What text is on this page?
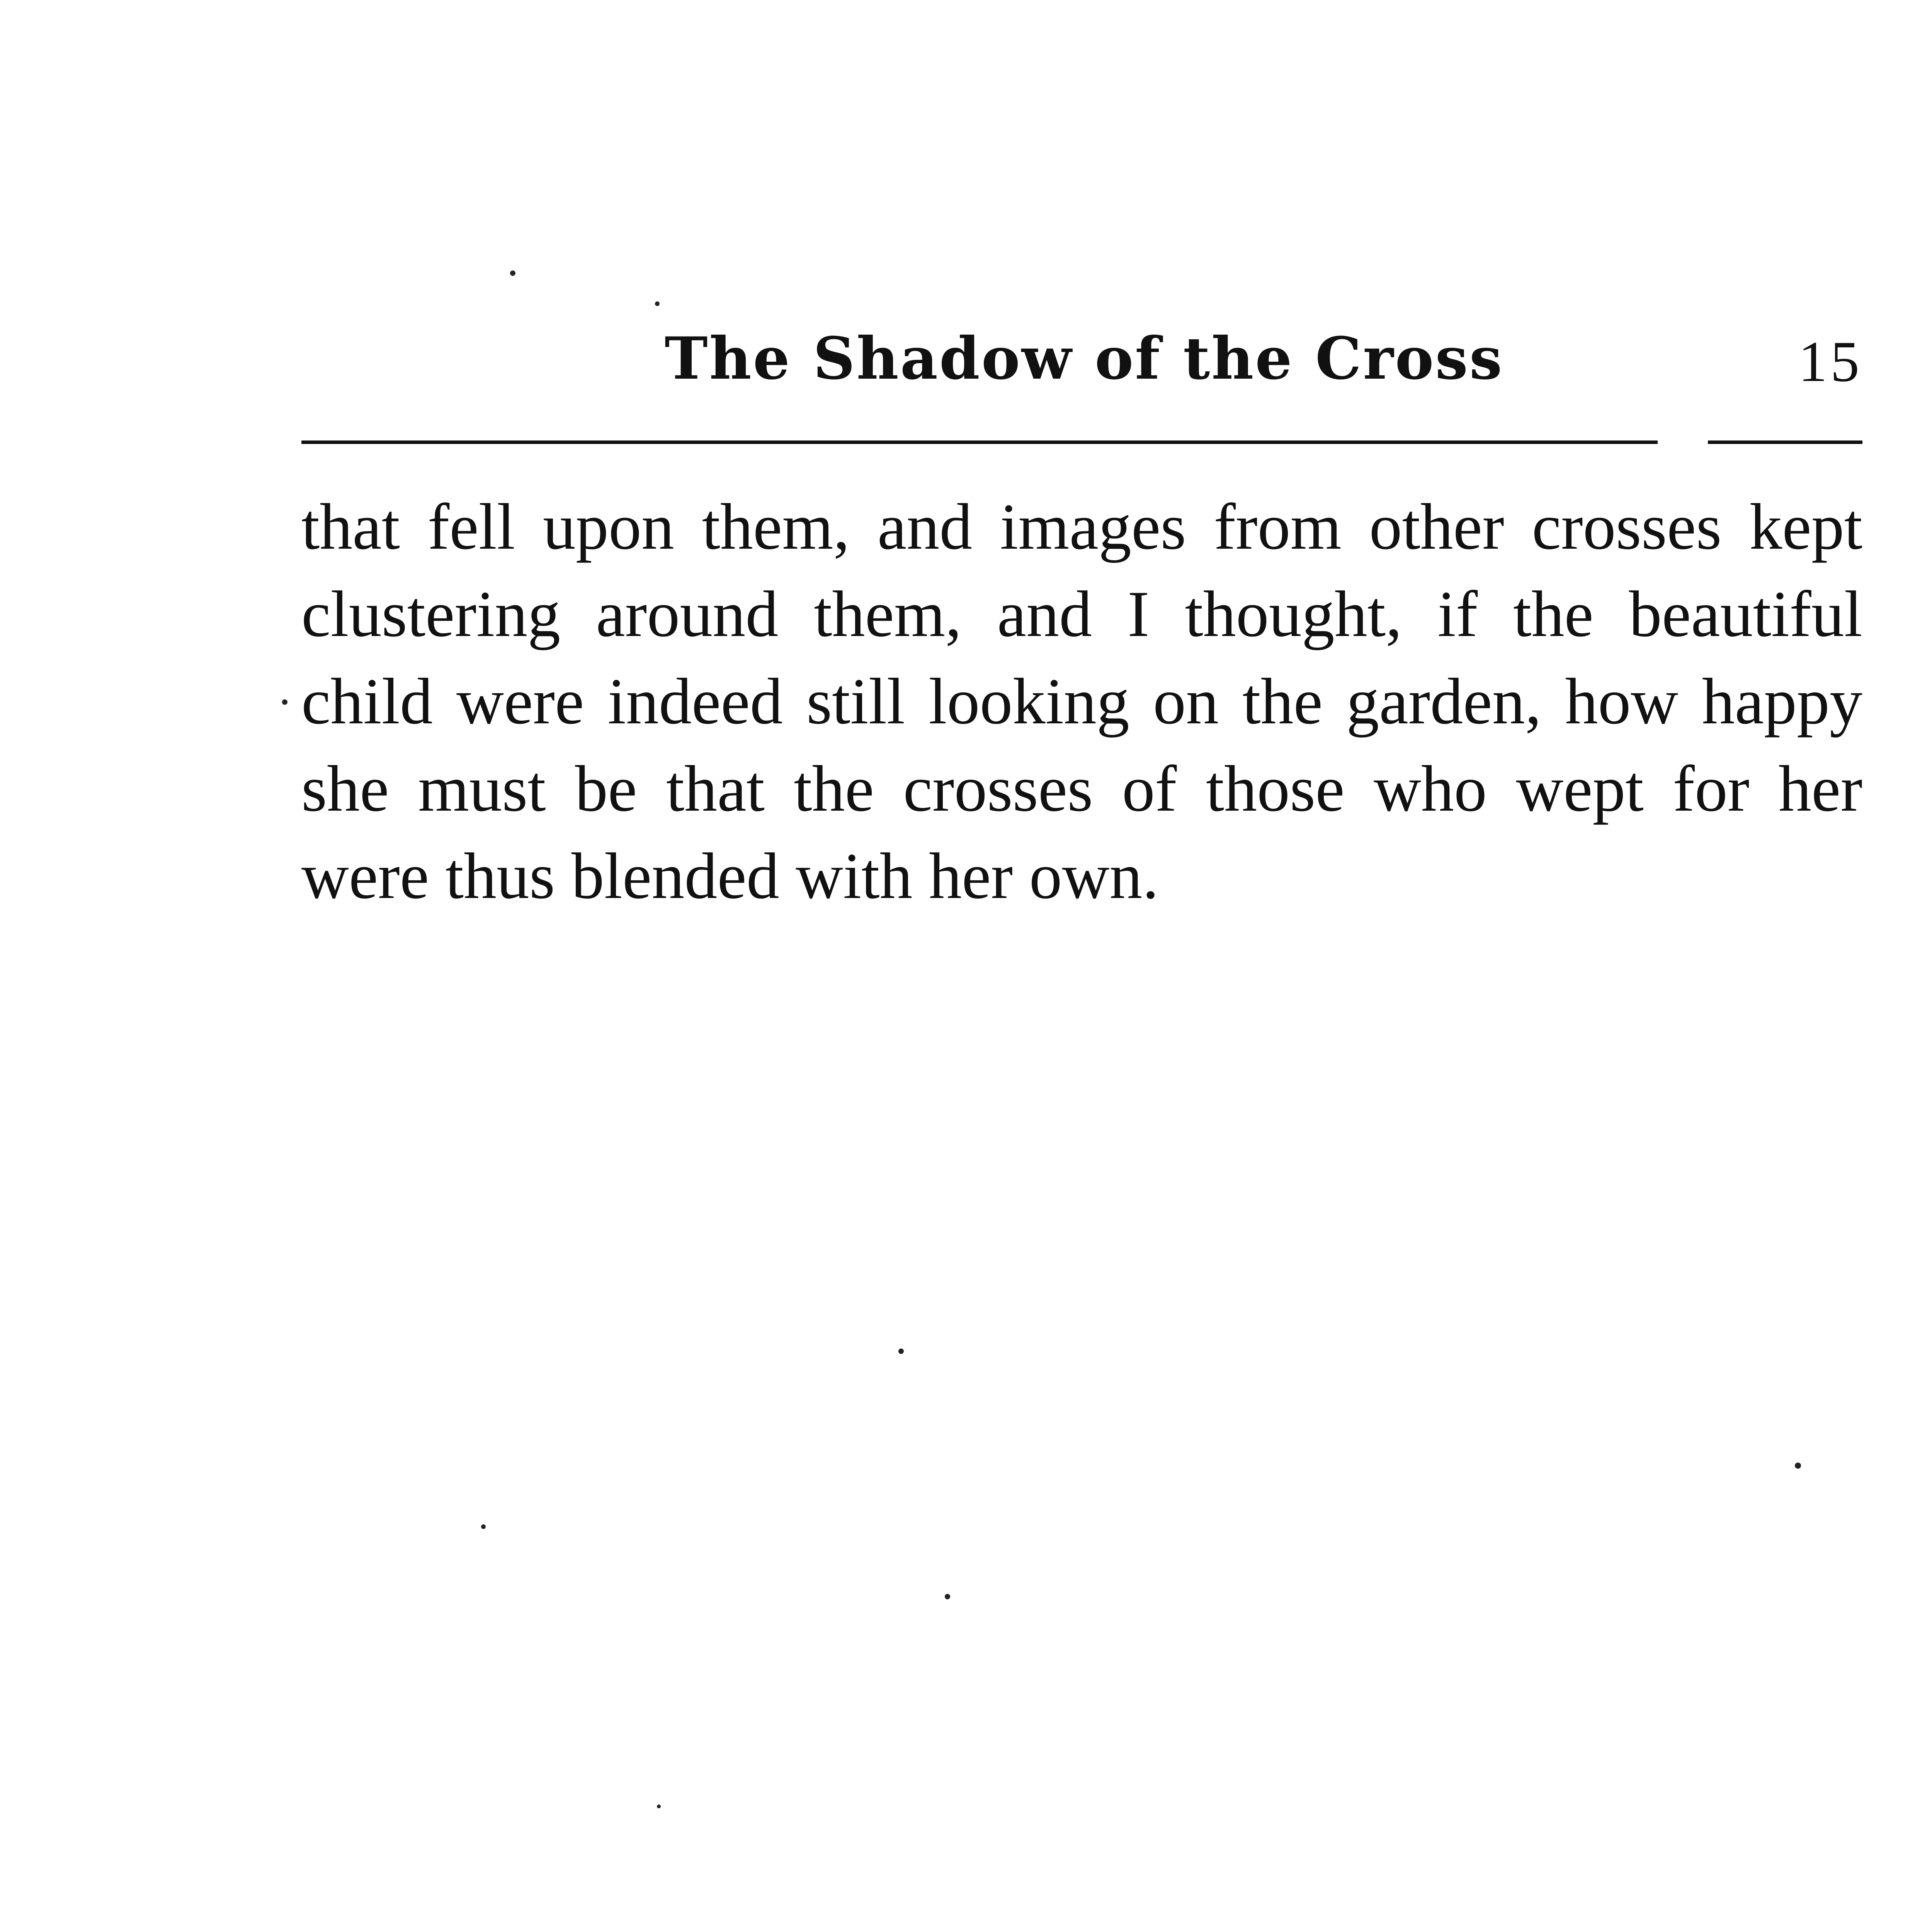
The Shadow of the Cross	15
that fell upon them, and images from other crosses kept
clustering around them, and I thought, if the beautiful
child were indeed still looking on the garden, how happy
she must be that the crosses of those who wept for her
were thus blended with her own.
